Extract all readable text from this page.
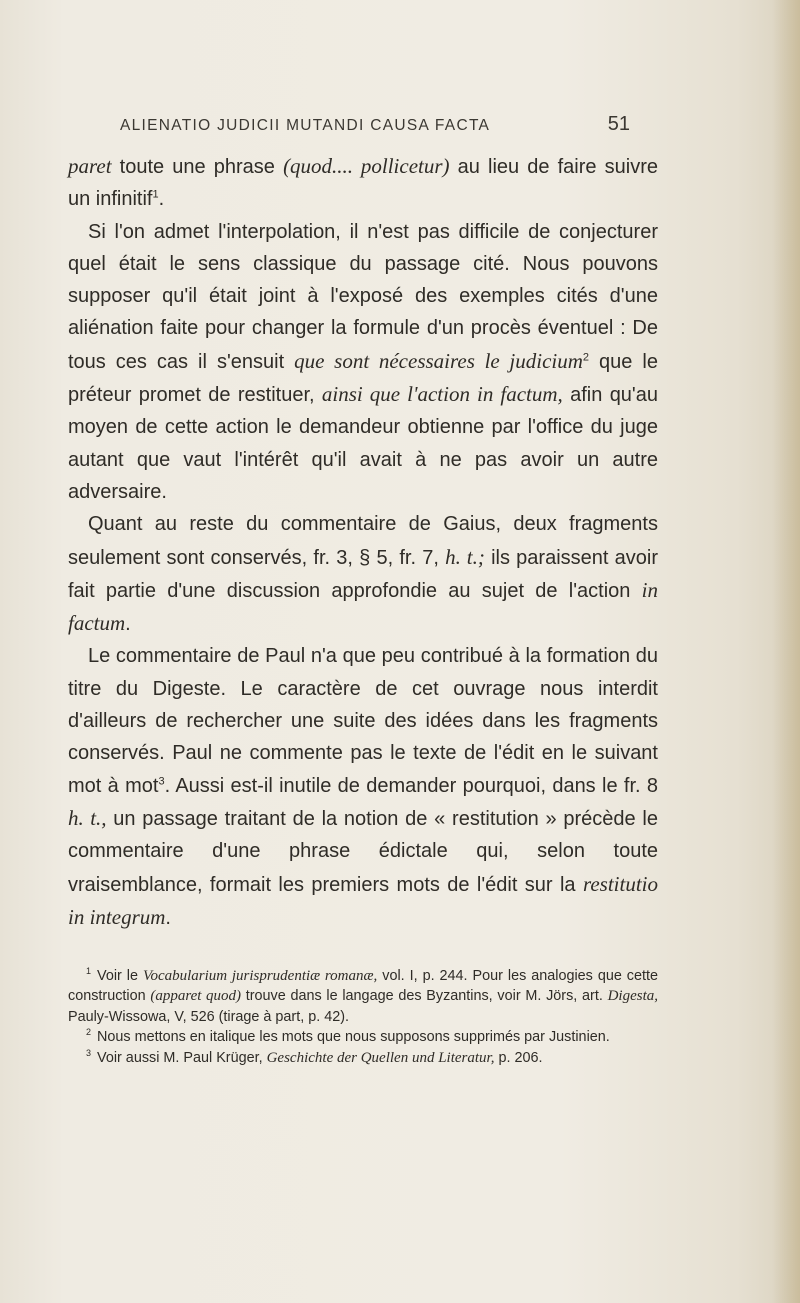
ALIENATIO JUDICII MUTANDI CAUSA FACTA	51

paret toute une phrase (quod.... pollicetur) au lieu de faire suivre un infinitif$^1$.

Si l'on admet l'interpolation, il n'est pas difficile de conjecturer quel était le sens classique du passage cité. Nous pouvons supposer qu'il était joint à l'exposé des exemples cités d'une aliénation faite pour changer la formule d'un procès éventuel : De tous ces cas il s'ensuit que sont nécessaires le judicium$^2$ que le préteur promet de restituer, ainsi que l'action in factum, afin qu'au moyen de cette action le demandeur obtienne par l'office du juge autant que vaut l'intérêt qu'il avait à ne pas avoir un autre adversaire.

Quant au reste du commentaire de Gaius, deux fragments seulement sont conservés, fr. 3, § 5, fr. 7, h. t.; ils paraissent avoir fait partie d'une discussion approfondie au sujet de l'action in factum.

Le commentaire de Paul n'a que peu contribué à la formation du titre du Digeste. Le caractère de cet ouvrage nous interdit d'ailleurs de rechercher une suite des idées dans les fragments conservés. Paul ne commente pas le texte de l'édit en le suivant mot à mot$^3$. Aussi est-il inutile de demander pourquoi, dans le fr. 8 h. t., un passage traitant de la notion de « restitution » précède le commentaire d'une phrase édictale qui, selon toute vraisemblance, formait les premiers mots de l'édit sur la restitutio in integrum.

$^1$ Voir le Vocabularium jurisprudentiæ romanæ, vol. I, p. 244. Pour les analogies que cette construction (apparet quod) trouve dans le langage des Byzantins, voir M. Jörs, art. Digesta, Pauly-Wissowa, V, 526 (tirage à part, p. 42).

$^2$ Nous mettons en italique les mots que nous supposons supprimés par Justinien.

$^3$ Voir aussi M. Paul Krüger, Geschichte der Quellen und Literatur, p. 206.
